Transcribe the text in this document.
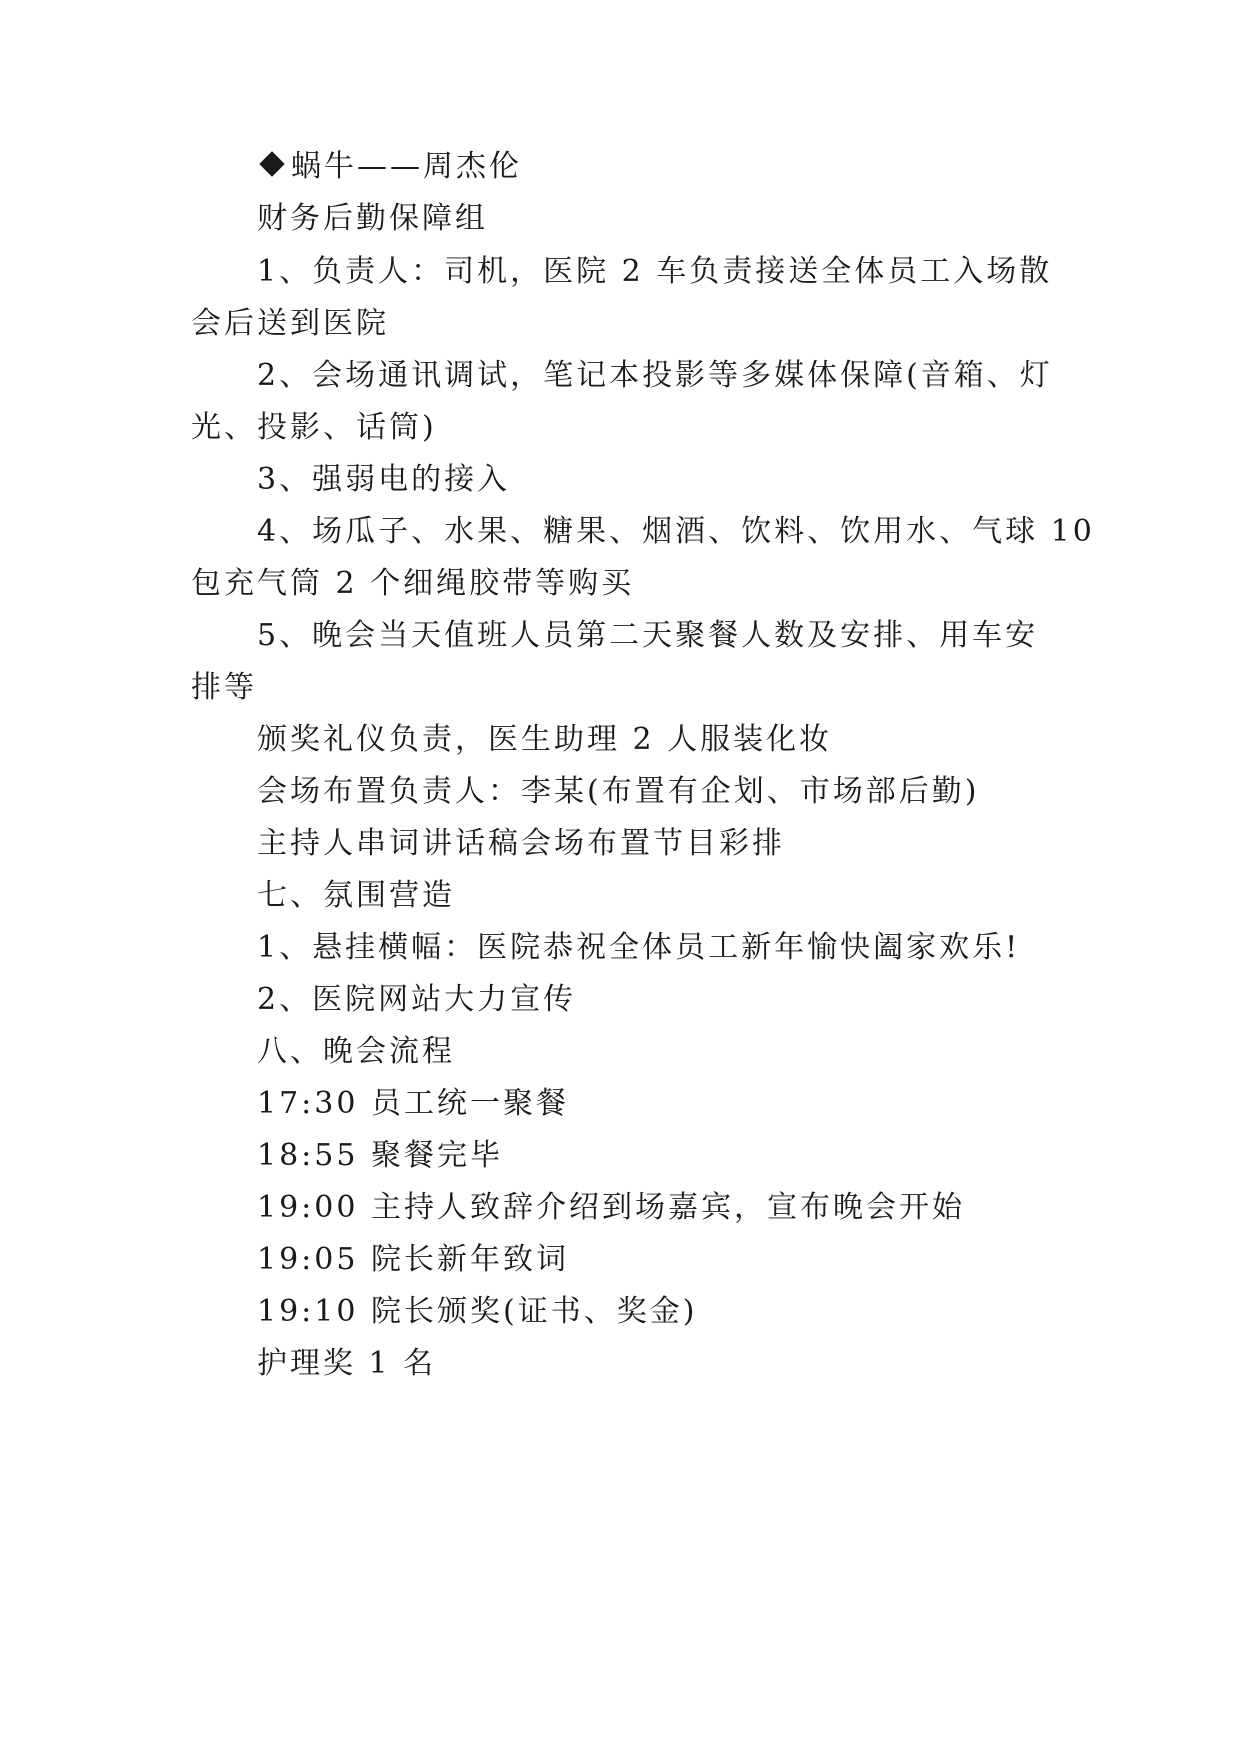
蜗牛——周杰伦

财务后勤保障组

1、负责人：司机，医院 2 车负责接送全体员工入场散

会后送到医院

2、会场通讯调试，笔记本投影等多媒体保障(音箱、灯

光、投影、话筒)

3、强弱电的接入

4、场瓜子、水果、糖果、烟酒、饮料、饮用水、气球 10

包充气筒 2 个细绳胶带等购买

5、晚会当天值班人员第二天聚餐人数及安排、用车安

排等

颁奖礼仪负责，医生助理 2 人服装化妆

会场布置负责人：李某(布置有企划、市场部后勤)

主持人串词讲话稿会场布置节目彩排

七、氛围营造

1、悬挂横幅：医院恭祝全体员工新年愉快阖家欢乐!

2、医院网站大力宣传

八、晚会流程

17:30 员工统一聚餐

18:55 聚餐完毕

19:00 主持人致辞介绍到场嘉宾，宣布晚会开始

19:05 院长新年致词

19:10 院长颁奖(证书、奖金)

护理奖 1 名
